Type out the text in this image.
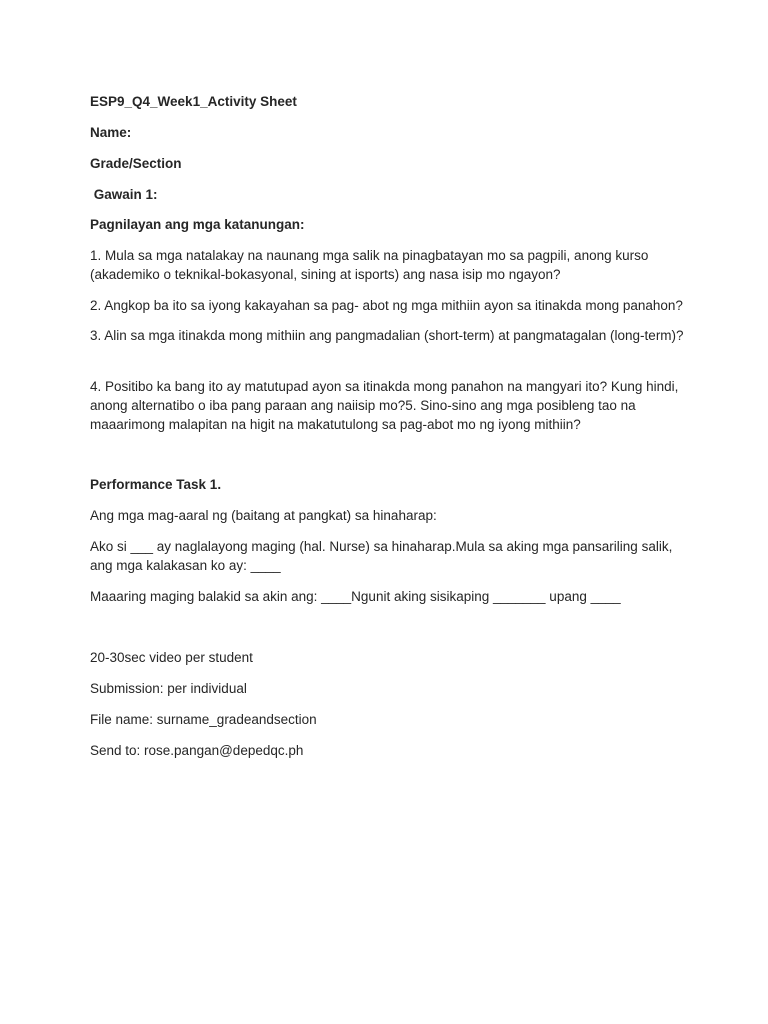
ESP9_Q4_Week1_Activity Sheet
Name:
Grade/Section
Gawain 1:
Pagnilayan ang mga katanungan:
1. Mula sa mga natalakay na naunang mga salik na pinagbatayan mo sa pagpili, anong kurso
(akademiko o teknikal-bokasyonal, sining at isports) ang nasa isip mo ngayon?
2. Angkop ba ito sa iyong kakayahan sa pag- abot ng mga mithiin ayon sa itinakda mong panahon?
3. Alin sa mga itinakda mong mithiin ang pangmadalian (short-term) at pangmatagalan (long-term)?
4. Positibo ka bang ito ay matutupad ayon sa itinakda mong panahon na mangyari ito? Kung hindi,
anong alternatibo o iba pang paraan ang naiisip mo?5. Sino-sino ang mga posibleng tao na
maaarimong malapitan na higit na makatutulong sa pag-abot mo ng iyong mithiin?
Performance Task 1.
Ang mga mag-aaral ng (baitang at pangkat) sa hinaharap:
Ako si ___ ay naglalayong maging (hal. Nurse) sa hinaharap.Mula sa aking mga pansariling salik,
ang mga kalakasan ko ay: ____
Maaaring maging balakid sa akin ang: ____Ngunit aking sisikaping _______ upang ____
20-30sec video per student
Submission: per individual
File name: surname_gradeandsection
Send to: rose.pangan@depedqc.ph
